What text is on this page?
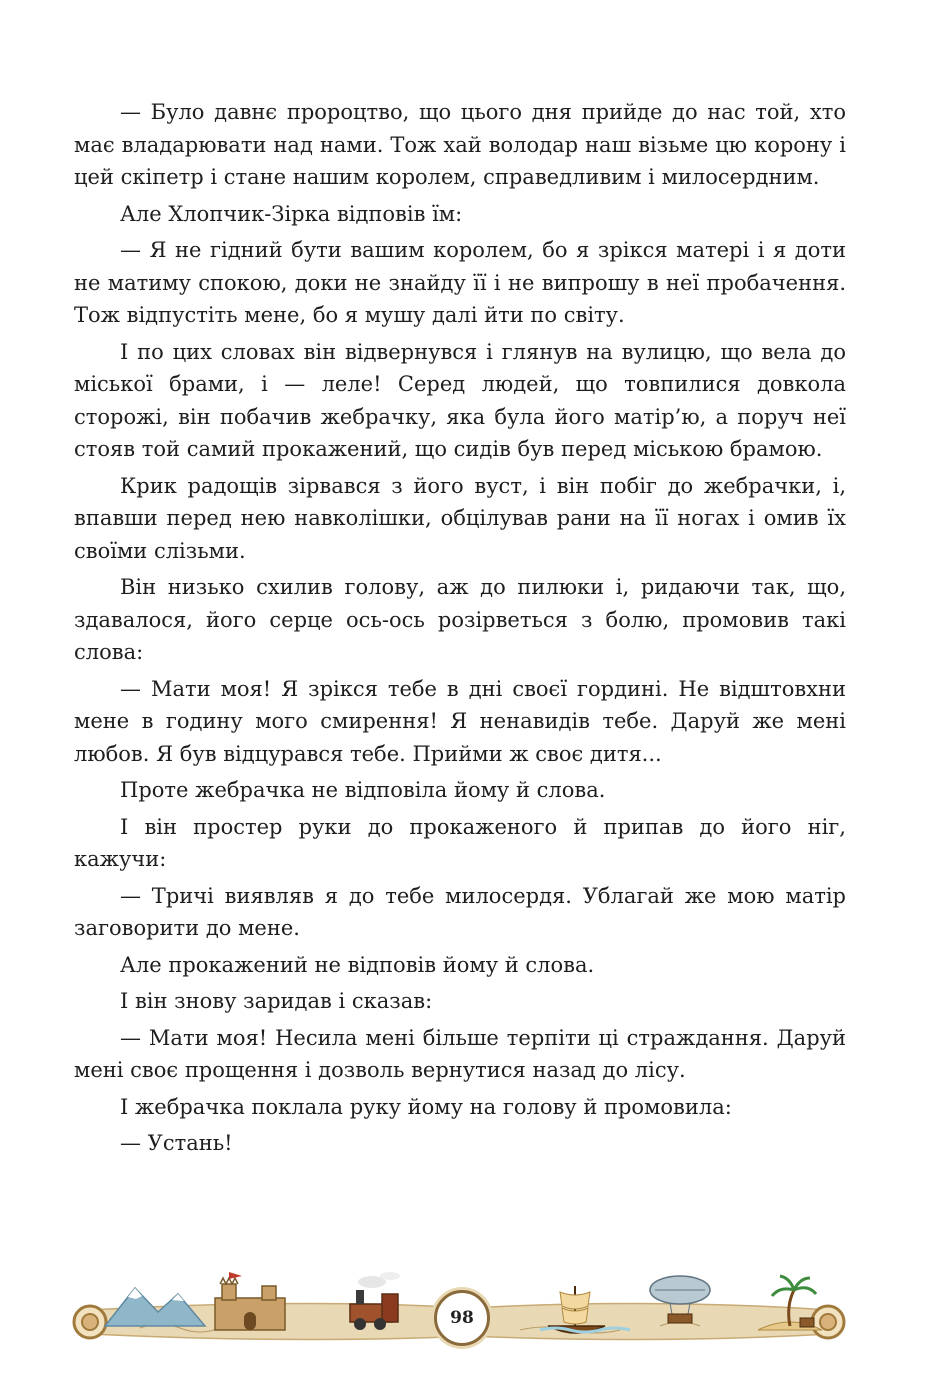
— Було давнє пророцтво, що цього дня прийде до нас той, хто має владарювати над нами. Тож хай володар наш візьме цю корону і цей скіпетр і стане нашим королем, справедливим і милосердним.

Але Хлопчик-Зірка відповів їм:

— Я не гідний бути вашим королем, бо я зрікся матері і я доти не матиму спокою, доки не знайду її і не випрошу в неї пробачення. Тож відпустіть мене, бо я мушу далі йти по світу.

І по цих словах він відвернувся і глянув на вулицю, що вела до міської брами, і — леле! Серед людей, що товпилися довкола сторожі, він побачив жебрачку, яка була його матір’ю, а поруч неї стояв той самий прокажений, що сидів був перед міською брамою.

Крик радощів зірвався з його вуст, і він побіг до жебрачки, і, впавши перед нею навколішки, обцілував рани на її ногах і омив їх своїми слізьми.

Він низько схилив голову, аж до пилюки і, ридаючи так, що, здавалося, його серце ось-ось розірветься з болю, промовив такі слова:

— Мати моя! Я зрікся тебе в дні своєї гордині. Не відштовхни мене в годину мого смирення! Я ненавидів тебе. Даруй же мені любов. Я був відцурався тебе. Прийми ж своє дитя...

Проте жебрачка не відповіла йому й слова.

І він простер руки до прокаженого й припав до його ніг, кажучи:

— Тричі виявляв я до тебе милосердя. Ублагай же мою матір заговорити до мене.

Але прокажений не відповів йому й слова.

І він знову заридав і сказав:

— Мати моя! Несила мені більше терпіти ці страждання. Даруй мені своє прощення і дозволь вернутися назад до лісу.

І жебрачка поклала руку йому на голову й промовила:

— Устань!

98
